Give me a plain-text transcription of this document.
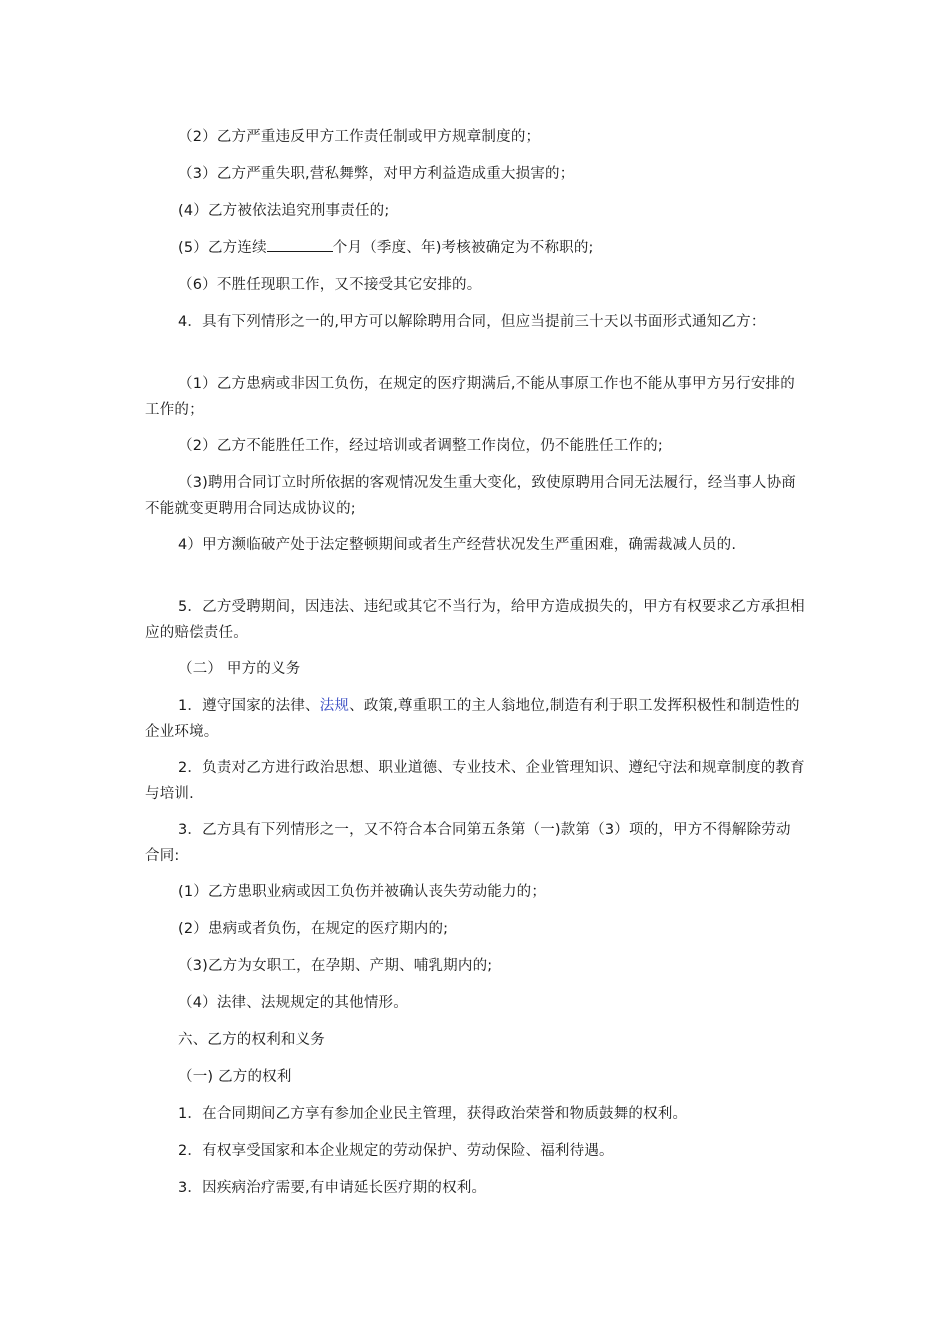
（2）乙方严重违反甲方工作责任制或甲方规章制度的；

（3）乙方严重失职,营私舞弊，对甲方利益造成重大损害的；

(4）乙方被依法追究刑事责任的;

(5）乙方连续	个月（季度、年)考核被确定为不称职的;

（6）不胜任现职工作，又不接受其它安排的。

4．具有下列情形之一的,甲方可以解除聘用合同，但应当提前三十天以书面形式通知乙方：

（1）乙方患病或非因工负伤，在规定的医疗期满后,不能从事原工作也不能从事甲方另行安排的工作的；

（2）乙方不能胜任工作，经过培训或者调整工作岗位，仍不能胜任工作的;

（3)聘用合同订立时所依据的客观情况发生重大变化，致使原聘用合同无法履行，经当事人协商不能就变更聘用合同达成协议的;

4）甲方濒临破产处于法定整顿期间或者生产经营状况发生严重困难，确需裁减人员的.

5．乙方受聘期间，因违法、违纪或其它不当行为，给甲方造成损失的，甲方有权要求乙方承担相应的赔偿责任。

（二） 甲方的义务

1．遵守国家的法律、法规、政策,尊重职工的主人翁地位,制造有利于职工发挥积极性和制造性的企业环境。

2．负责对乙方进行政治思想、职业道德、专业技术、企业管理知识、遵纪守法和规章制度的教育与培训.

3．乙方具有下列情形之一，又不符合本合同第五条第（一)款第（3）项的，甲方不得解除劳动合同:

(1）乙方患职业病或因工负伤并被确认丧失劳动能力的；

(2）患病或者负伤，在规定的医疗期内的;

（3)乙方为女职工，在孕期、产期、哺乳期内的;

（4）法律、法规规定的其他情形。

六、乙方的权利和义务

（一) 乙方的权利

1．在合同期间乙方享有参加企业民主管理，获得政治荣誉和物质鼓舞的权利。

2．有权享受国家和本企业规定的劳动保护、劳动保险、福利待遇。

3．因疾病治疗需要,有申请延长医疗期的权利。
